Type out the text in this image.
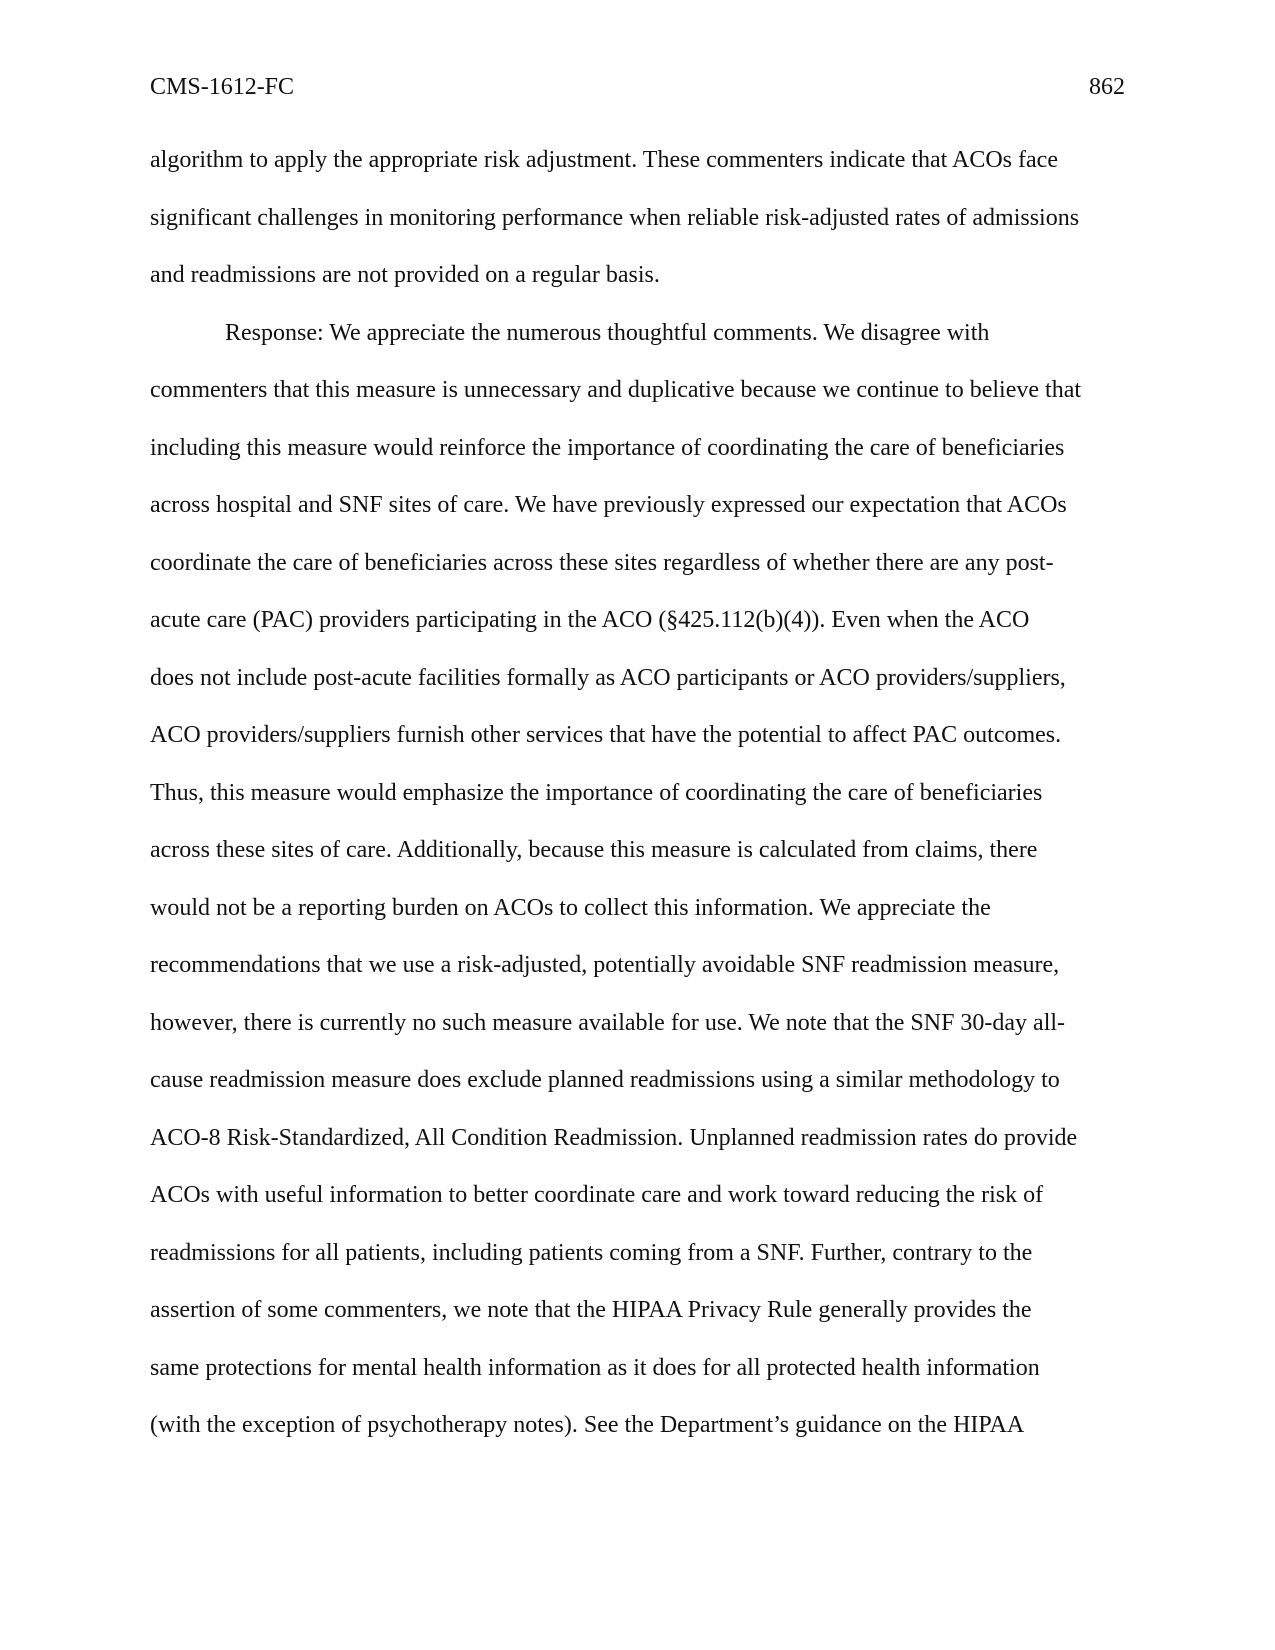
CMS-1612-FC	862
algorithm to apply the appropriate risk adjustment. These commenters indicate that ACOs face
significant challenges in monitoring performance when reliable risk-adjusted rates of admissions
and readmissions are not provided on a regular basis.
Response: We appreciate the numerous thoughtful comments. We disagree with
commenters that this measure is unnecessary and duplicative because we continue to believe that
including this measure would reinforce the importance of coordinating the care of beneficiaries
across hospital and SNF sites of care. We have previously expressed our expectation that ACOs
coordinate the care of beneficiaries across these sites regardless of whether there are any post-
acute care (PAC) providers participating in the ACO (§425.112(b)(4)). Even when the ACO
does not include post-acute facilities formally as ACO participants or ACO providers/suppliers,
ACO providers/suppliers furnish other services that have the potential to affect PAC outcomes.
Thus, this measure would emphasize the importance of coordinating the care of beneficiaries
across these sites of care. Additionally, because this measure is calculated from claims, there
would not be a reporting burden on ACOs to collect this information. We appreciate the
recommendations that we use a risk-adjusted, potentially avoidable SNF readmission measure,
however, there is currently no such measure available for use. We note that the SNF 30-day all-
cause readmission measure does exclude planned readmissions using a similar methodology to
ACO-8 Risk-Standardized, All Condition Readmission. Unplanned readmission rates do provide
ACOs with useful information to better coordinate care and work toward reducing the risk of
readmissions for all patients, including patients coming from a SNF. Further, contrary to the
assertion of some commenters, we note that the HIPAA Privacy Rule generally provides the
same protections for mental health information as it does for all protected health information
(with the exception of psychotherapy notes). See the Department’s guidance on the HIPAA
